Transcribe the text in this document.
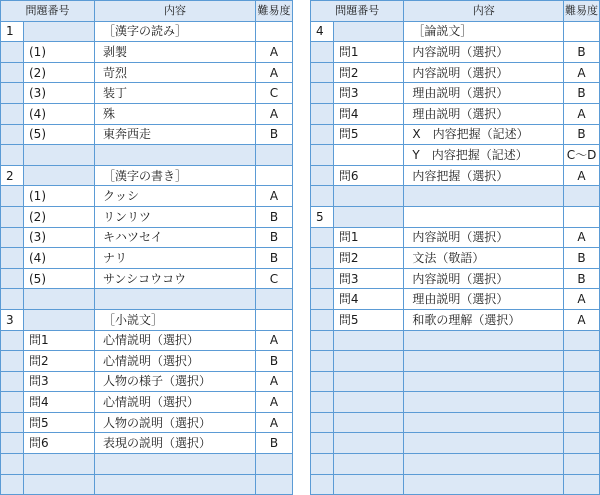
問題番号		内容	難易度
1		［漢字の読み］	
	(1)	剥製	A
	(2)	苛烈	A
	(3)	装丁	C
	(4)	殊	A
	(5)	東奔西走	B

2		［漢字の書き］	
	(1)	クッシ	A
	(2)	リンリツ	B
	(3)	キハツセイ	B
	(4)	ナリ	B
	(5)	サンシコウコウ	C

3		［小説文］	
	問1	心情説明（選択）	A
	問2	心情説明（選択）	B
	問3	人物の様子（選択）	A
	問4	心情説明（選択）	A
	問5	人物の説明（選択）	A
	問6	表現の説明（選択）	B

問題番号		内容	難易度
4		［論説文］	
	問1	内容説明（選択）	B
	問2	内容説明（選択）	A
	問3	理由説明（選択）	B
	問4	理由説明（選択）	A
	問5	X　内容把握（記述）	B
		Y　内容把握（記述）	C～D
	問6	内容把握（選択）	A

5			
	問1	内容説明（選択）	A
	問2	文法（敬語）	B
	問3	内容説明（選択）	B
	問4	理由説明（選択）	A
	問5	和歌の理解（選択）	A
